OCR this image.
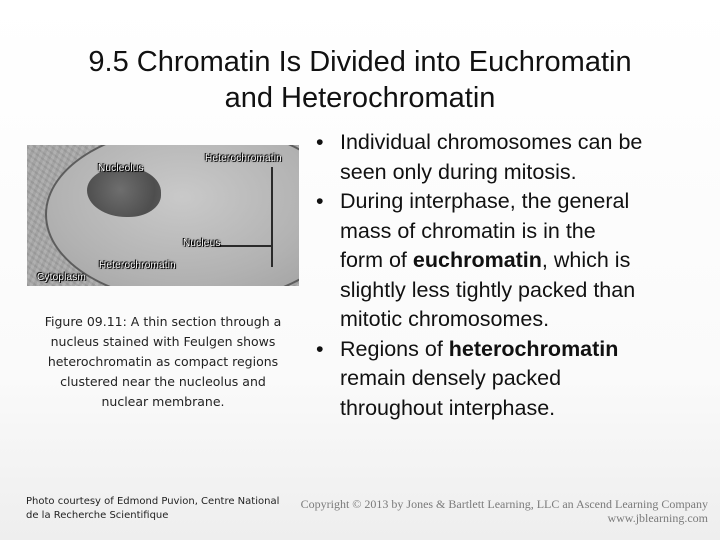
9.5 Chromatin Is Divided into Euchromatin
and Heterochromatin
Heterochromatin
Nucleolus
Nucleus
Heterochromatin
Cytoplasm
Figure 09.11: A thin section through a
nucleus stained with Feulgen shows
heterochromatin as compact regions
clustered near the nucleolus and
nuclear membrane.
• Individual chromosomes can be
seen only during mitosis.
• During interphase, the general
mass of chromatin is in the
form of euchromatin, which is
slightly less tightly packed than
mitotic chromosomes.
• Regions of heterochromatin
remain densely packed
throughout interphase.
Photo courtesy of Edmond Puvion, Centre National
de la Recherche Scientifique
Copyright © 2013 by Jones & Bartlett Learning, LLC an Ascend Learning Company
www.jblearning.com
